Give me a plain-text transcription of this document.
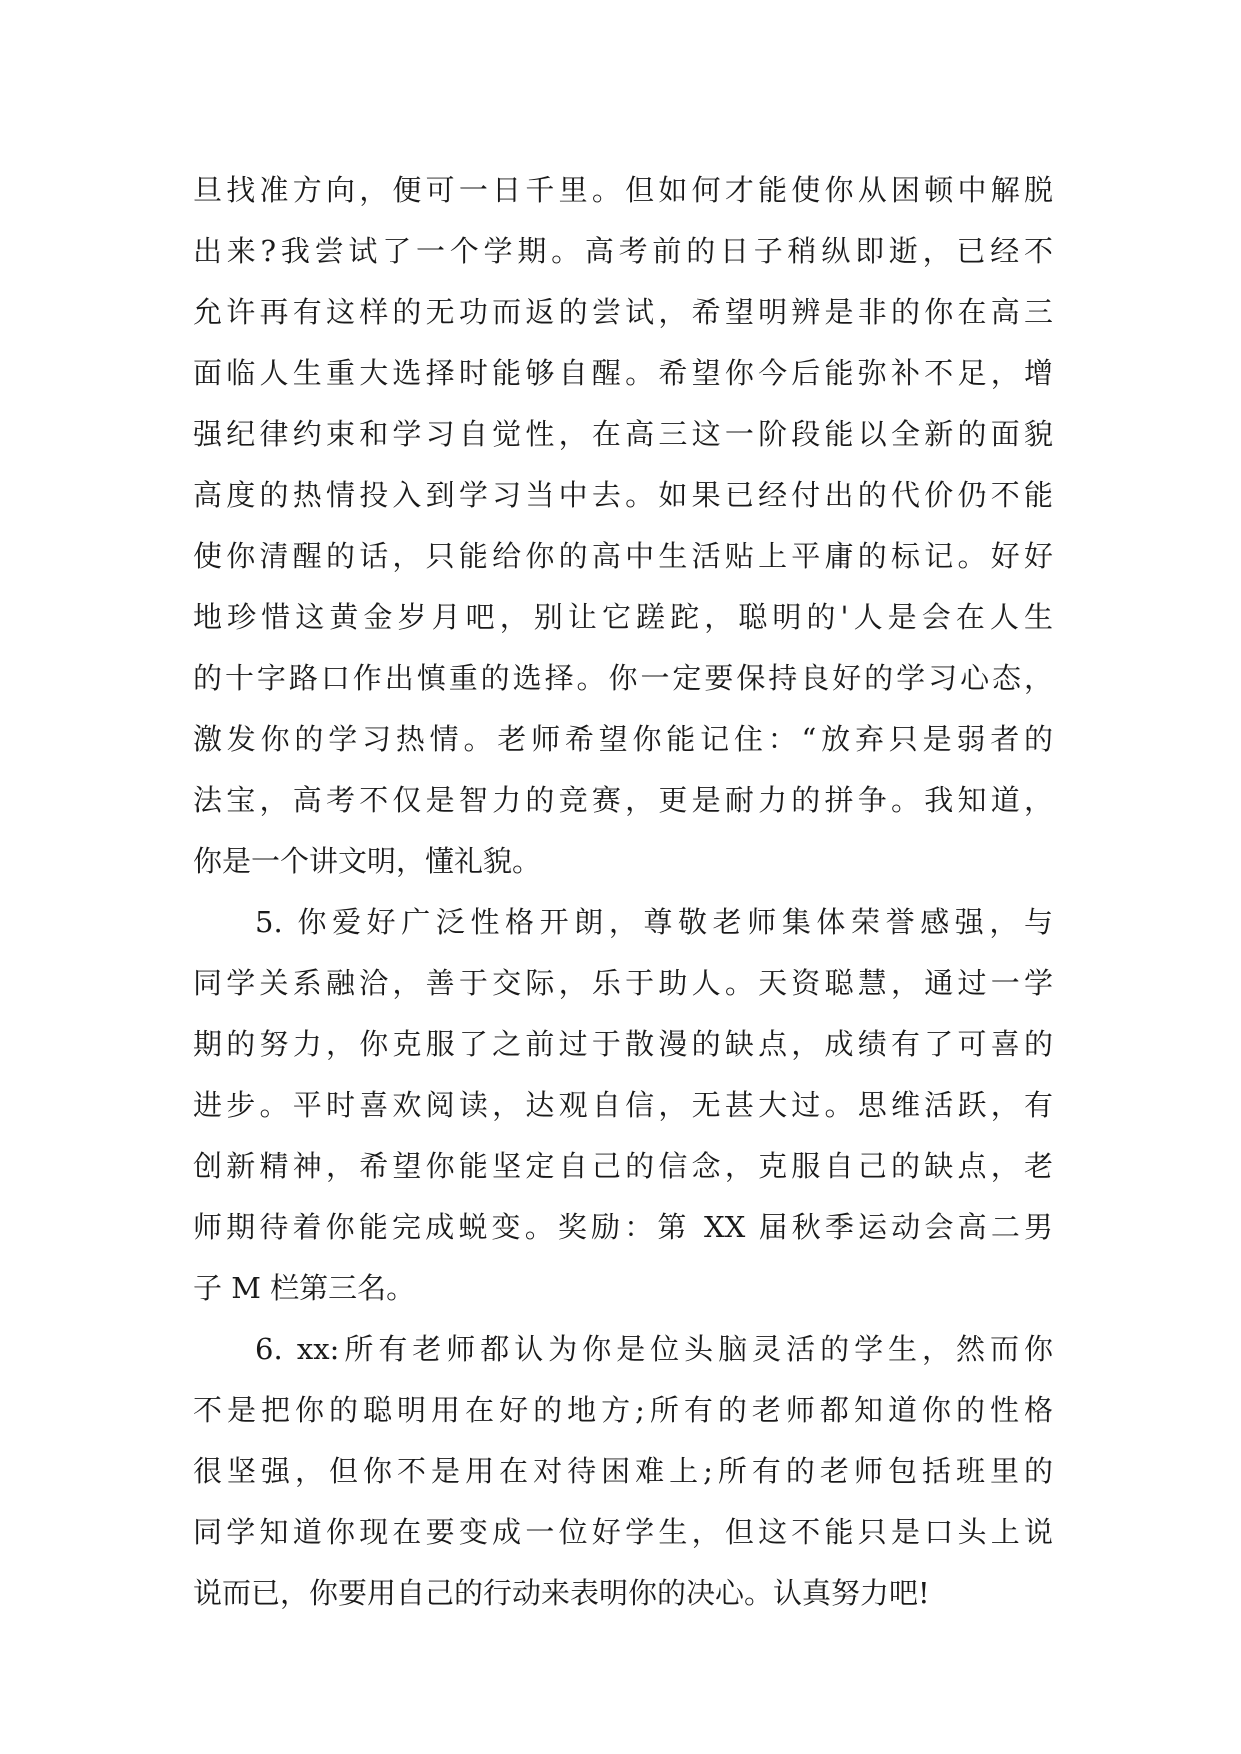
旦找准方向，便可一日千里。但如何才能使你从困顿中解脱
出来?我尝试了一个学期。高考前的日子稍纵即逝，已经不
允许再有这样的无功而返的尝试，希望明辨是非的你在高三
面临人生重大选择时能够自醒。希望你今后能弥补不足，增
强纪律约束和学习自觉性，在高三这一阶段能以全新的面貌
高度的热情投入到学习当中去。如果已经付出的代价仍不能
使你清醒的话，只能给你的高中生活贴上平庸的标记。好好
地珍惜这黄金岁月吧，别让它蹉跎，聪明的'人是会在人生
的十字路口作出慎重的选择。你一定要保持良好的学习心态，
激发你的学习热情。老师希望你能记住：“放弃只是弱者的
法宝，高考不仅是智力的竞赛，更是耐力的拼争。我知道，
你是一个讲文明，懂礼貌。
5. 你爱好广泛性格开朗，尊敬老师集体荣誉感强，与
同学关系融洽，善于交际，乐于助人。天资聪慧，通过一学
期的努力，你克服了之前过于散漫的缺点，成绩有了可喜的
进步。平时喜欢阅读，达观自信，无甚大过。思维活跃，有
创新精神，希望你能坚定自己的信念，克服自己的缺点，老
师期待着你能完成蜕变。奖励：第 XX 届秋季运动会高二男
子 M 栏第三名。
6. xx:所有老师都认为你是位头脑灵活的学生，然而你
不是把你的聪明用在好的地方;所有的老师都知道你的性格
很坚强，但你不是用在对待困难上;所有的老师包括班里的
同学知道你现在要变成一位好学生，但这不能只是口头上说
说而已，你要用自己的行动来表明你的决心。认真努力吧!
